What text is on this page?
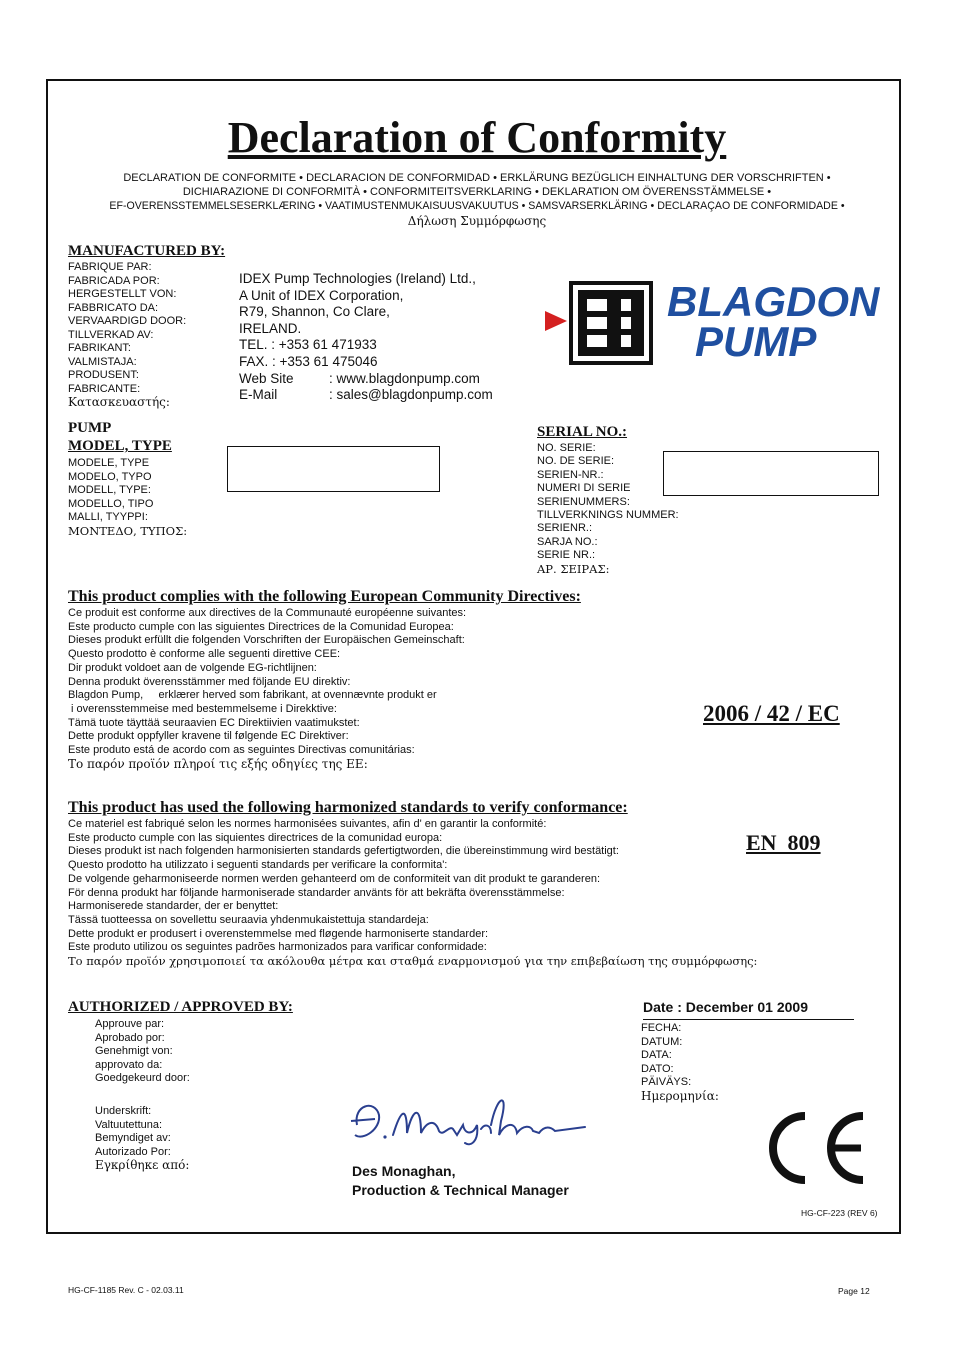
Declaration of Conformity
DECLARATION DE CONFORMITE • DECLARACION DE CONFORMIDAD • ERKLÄRUNG BEZÜGLICH EINHALTUNG DER VORSCHRIFTEN •
DICHIARAZIONE DI CONFORMITÀ • CONFORMITEITSVERKLARING • DEKLARATION OM ÖVERENSSTÄMMELSE •
EF-OVERENSSTEMMELSESERKLÆRING • VAATIMUSTENMUKAISUUSVAKUUTUS • SAMSVARSERKLÄRING • DECLARAÇAO DE CONFORMIDADE •
Δήλωση Συμμόρφωσης
MANUFACTURED BY:
FABRIQUE PAR:
FABRICADA POR:
HERGESTELLT VON:
FABBRICATO DA:
VERVAARDIGD DOOR:
TILLVERKAD AV:
FABRIKANT:
VALMISTAJA:
PRODUSENT:
FABRICANTE:
Κατασκευαστής:
IDEX Pump Technologies (Ireland) Ltd.,
A Unit of IDEX Corporation,
R79, Shannon, Co Clare,
IRELAND.
TEL. : +353 61 471933
FAX. : +353 61 475046
Web Site	: www.blagdonpump.com
E-Mail	: sales@blagdonpump.com
BLAGDON
PUMP
PUMP
MODEL, TYPE
MODELE, TYPE
MODELO, TYPO
MODELL, TYPE:
MODELLO, TIPO
MALLI, TYYPPI:
ΜΟΝΤΕΔΟ, ΤΥΠΟΣ:
SERIAL NO.:
NO. SERIE:
NO. DE SERIE:
SERIEN-NR.:
NUMERI DI SERIE
SERIENUMMERS:
TILLVERKNINGS NUMMER:
SERIENR.:
SARJA NO.:
SERIE NR.:
ΑΡ. ΣΕΙΡΑΣ:
This product complies with the following European Community Directives:
Ce produit est conforme aux directives de la Communauté européenne suivantes:
Este producto cumple con las siguientes Directrices de la Comunidad Europea:
Dieses produkt erfüllt die folgenden Vorschriften der Europäischen Gemeinschaft:
Questo prodotto è conforme alle seguenti direttive CEE:
Dir produkt voldoet aan de volgende EG-richtlijnen:
Denna produkt överensstämmer med följande EU direktiv:
Blagdon Pump,     erklærer herved som fabrikant, at ovennævnte produkt er
i overensstemmeise med bestemmelsemе i Direkktive:
Tämä tuote täyttää seuraavien EC Direktiivien vaatimukstet:
Dette produkt oppfyller kravene til følgende EC Direktiver:
Este produto está de acordo com as seguintes Directivas comunitárias:
Το παρόν προϊόν πληροί τις εξής οδηγίες της ΕΕ:
2006 / 42 / EC
This product has used the following harmonized standards to verify conformance:
Ce materiel est fabriqué selon les normes harmonisées suivantes, afin d' en garantir la conformité:
Este producto cumple con las siquientes directrices de la comunidad europa:
Dieses produkt ist nach folgenden harmonisierten standards gefertigtworden, die übereinstimmung wird bestätigt:
Questo prodotto ha utilizzato i seguenti standards per verificare la conformita':
De volgende geharmoniseerde normen werden gehanteerd om de conformiteit van dit produkt te garanderen:
För denna produkt har följande harmoniserade standarder använts för att bekräfta överensstämmelse:
Harmoniserede standarder, der er benyttet:
Tässä tuotteessa on sovellettu seuraavia yhdenmukaistettuja standardeja:
Dette produkt er produsert i overenstemmelse med fløgende harmoniserte standarder:
Este produto utilizou os seguintes padrões harmonizados para varificar conformidade:
Το παρόν προϊόν χρησιμοποιεί τα ακόλουθα μέτρα και σταθμά εναρμονισμού για την επιβεβαίωση της συμμόρφωσης:
EN  809
AUTHORIZED / APPROVED BY:
Approuve par:
Aprobado por:
Genehmigt von:
approvato da:
Goedgekeurd door:
Underskrift:
Valtuutettuna:
Bemyndiget av:
Autorizado Por:
Εγκρίθηκε από:	Des Monaghan,
Production & Technical Manager
Date : December 01 2009
FECHA:
DATUM:
DATA:
DATO:
PÄIVÄYS:
Ημερομηνία:
HG-CF-223 (REV 6)
HG-CF-1185 Rev. C - 02.03.11	Page 12
